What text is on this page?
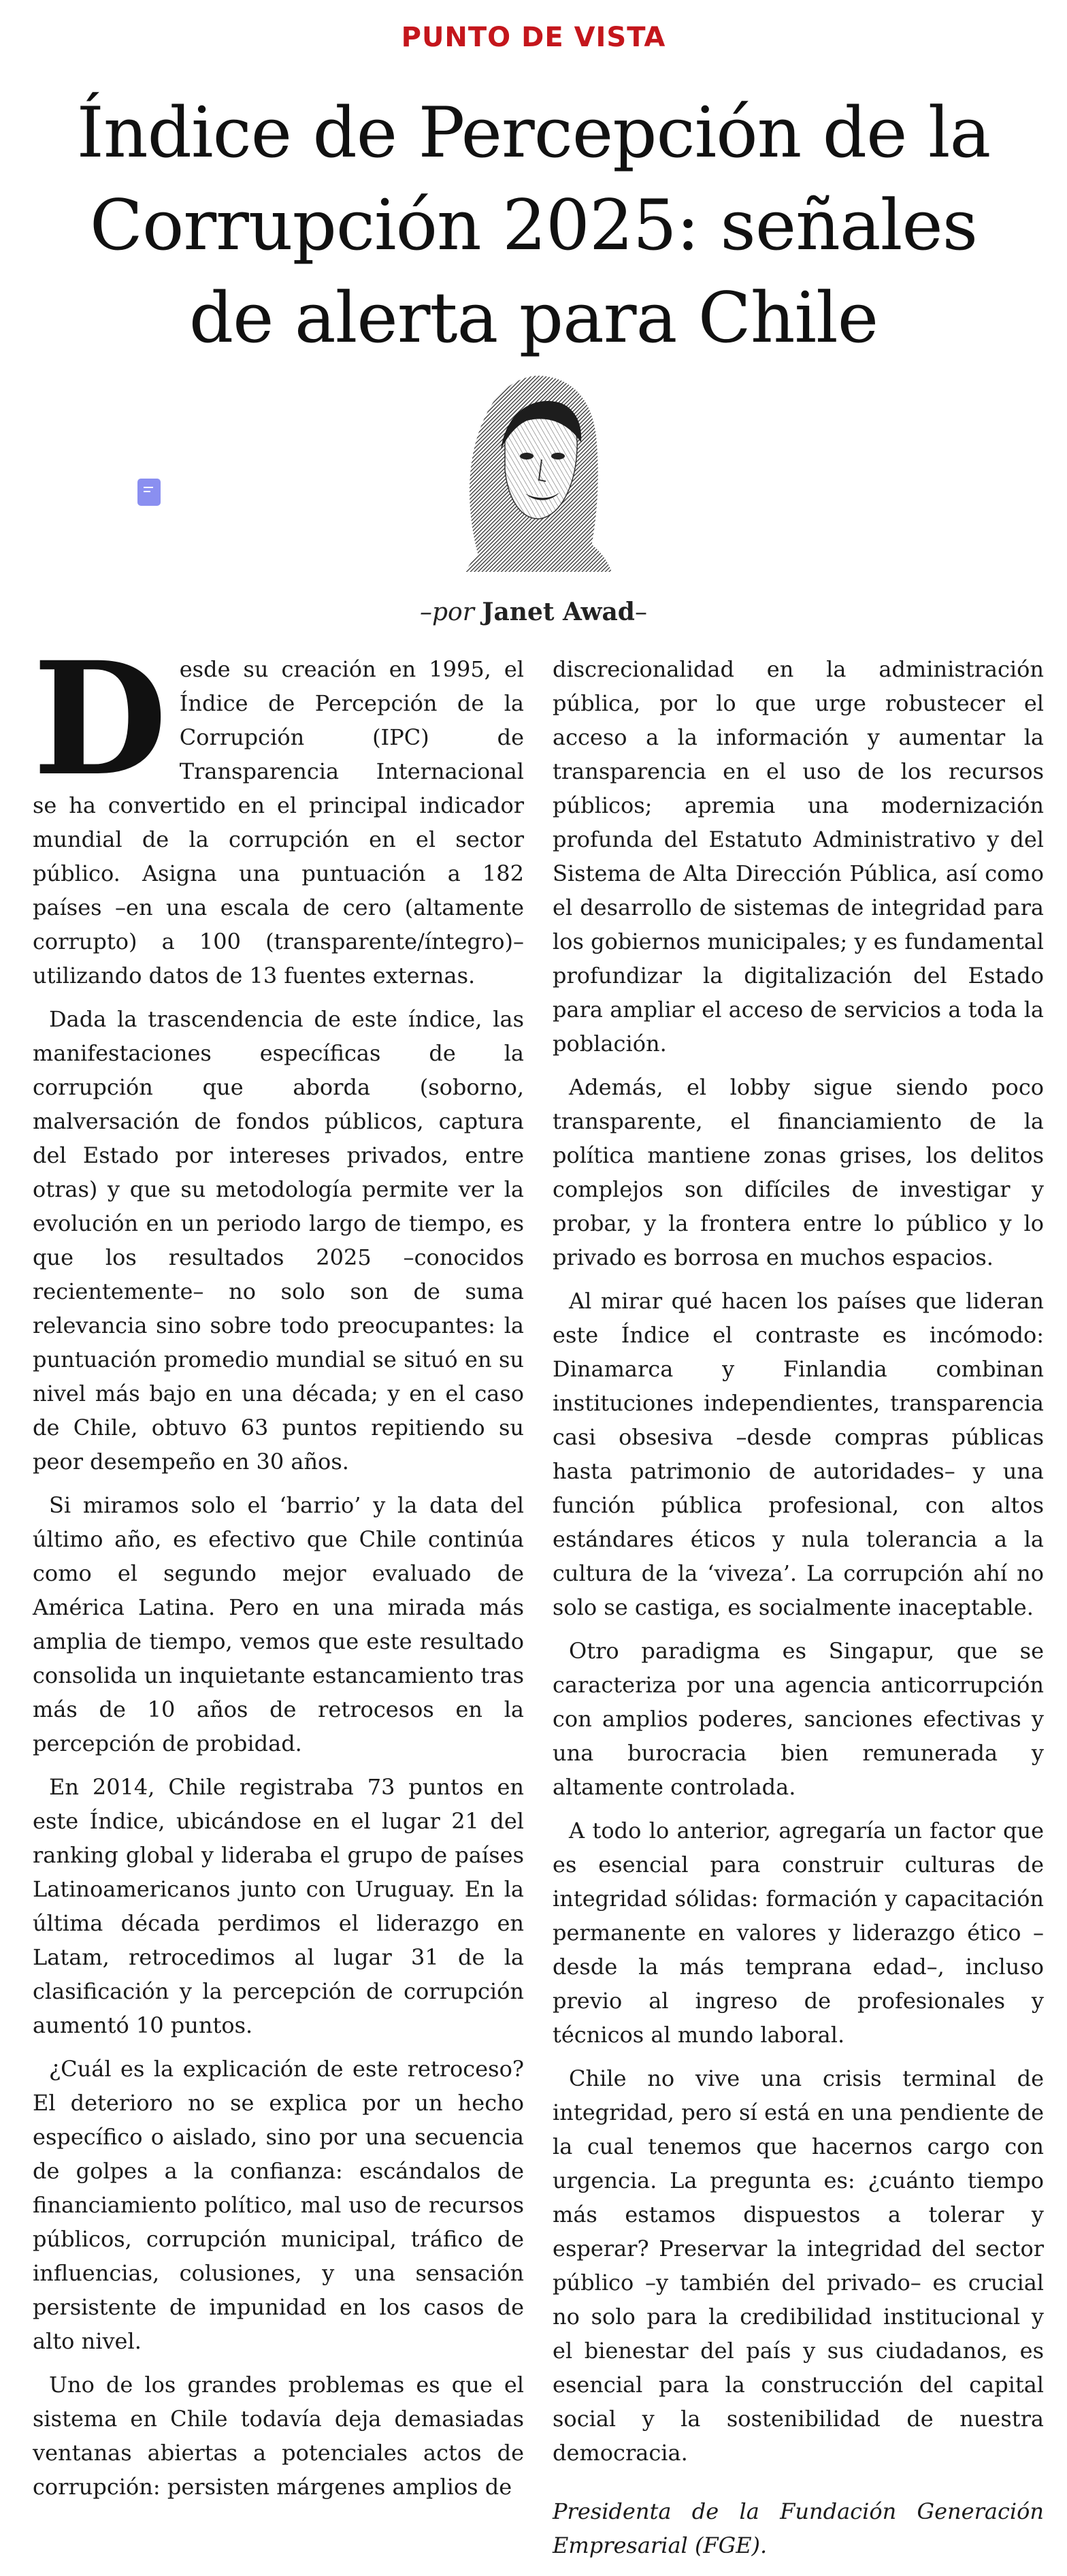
PUNTO DE VISTA
Índice de Percepción de la Corrupción 2025: señales de alerta para Chile
–por Janet Awad–

Desde su creación en 1995, el Índice de Percepción de la Corrupción (IPC) de Transparencia Internacional se ha convertido en el principal indicador mundial de la corrupción en el sector público. Asigna una puntuación a 182 países –en una escala de cero (altamente corrupto) a 100 (transparente/íntegro)– utilizando datos de 13 fuentes externas.

Dada la trascendencia de este índice, las manifestaciones específicas de la corrupción que aborda (soborno, malversación de fondos públicos, captura del Estado por intereses privados, entre otras) y que su metodología permite ver la evolución en un periodo largo de tiempo, es que los resultados 2025 –conocidos recientemente– no solo son de suma relevancia sino sobre todo preocupantes: la puntuación promedio mundial se situó en su nivel más bajo en una década; y en el caso de Chile, obtuvo 63 puntos repitiendo su peor desempeño en 30 años.

Si miramos solo el ‘barrio’ y la data del último año, es efectivo que Chile continúa como el segundo mejor evaluado de América Latina. Pero en una mirada más amplia de tiempo, vemos que este resultado consolida un inquietante estancamiento tras más de 10 años de retrocesos en la percepción de probidad.

En 2014, Chile registraba 73 puntos en este Índice, ubicándose en el lugar 21 del ranking global y lideraba el grupo de países Latinoamericanos junto con Uruguay. En la última década perdimos el liderazgo en Latam, retrocedimos al lugar 31 de la clasificación y la percepción de corrupción aumentó 10 puntos.

¿Cuál es la explicación de este retroceso? El deterioro no se explica por un hecho específico o aislado, sino por una secuencia de golpes a la confianza: escándalos de financiamiento político, mal uso de recursos públicos, corrupción municipal, tráfico de influencias, colusiones, y una sensación persistente de impunidad en los casos de alto nivel.

Uno de los grandes problemas es que el sistema en Chile todavía deja demasiadas ventanas abiertas a potenciales actos de corrupción: persisten márgenes amplios de

discrecionalidad en la administración pública, por lo que urge robustecer el acceso a la información y aumentar la transparencia en el uso de los recursos públicos; apremia una modernización profunda del Estatuto Administrativo y del Sistema de Alta Dirección Pública, así como el desarrollo de sistemas de integridad para los gobiernos municipales; y es fundamental profundizar la digitalización del Estado para ampliar el acceso de servicios a toda la población.

Además, el lobby sigue siendo poco transparente, el financiamiento de la política mantiene zonas grises, los delitos complejos son difíciles de investigar y probar, y la frontera entre lo público y lo privado es borrosa en muchos espacios.

Al mirar qué hacen los países que lideran este Índice el contraste es incómodo: Dinamarca y Finlandia combinan instituciones independientes, transparencia casi obsesiva –desde compras públicas hasta patrimonio de autoridades– y una función pública profesional, con altos estándares éticos y nula tolerancia a la cultura de la ‘viveza’. La corrupción ahí no solo se castiga, es socialmente inaceptable.

Otro paradigma es Singapur, que se caracteriza por una agencia anticorrupción con amplios poderes, sanciones efectivas y una burocracia bien remunerada y altamente controlada.

A todo lo anterior, agregaría un factor que es esencial para construir culturas de integridad sólidas: formación y capacitación permanente en valores y liderazgo ético –desde la más temprana edad–, incluso previo al ingreso de profesionales y técnicos al mundo laboral.

Chile no vive una crisis terminal de integridad, pero sí está en una pendiente de la cual tenemos que hacernos cargo con urgencia. La pregunta es: ¿cuánto tiempo más estamos dispuestos a tolerar y esperar? Preservar la integridad del sector público –y también del privado– es crucial no solo para la credibilidad institucional y el bienestar del país y sus ciudadanos, es esencial para la construcción del capital social y la sostenibilidad de nuestra democracia.

Presidenta de la Fundación Generación Empresarial (FGE).
